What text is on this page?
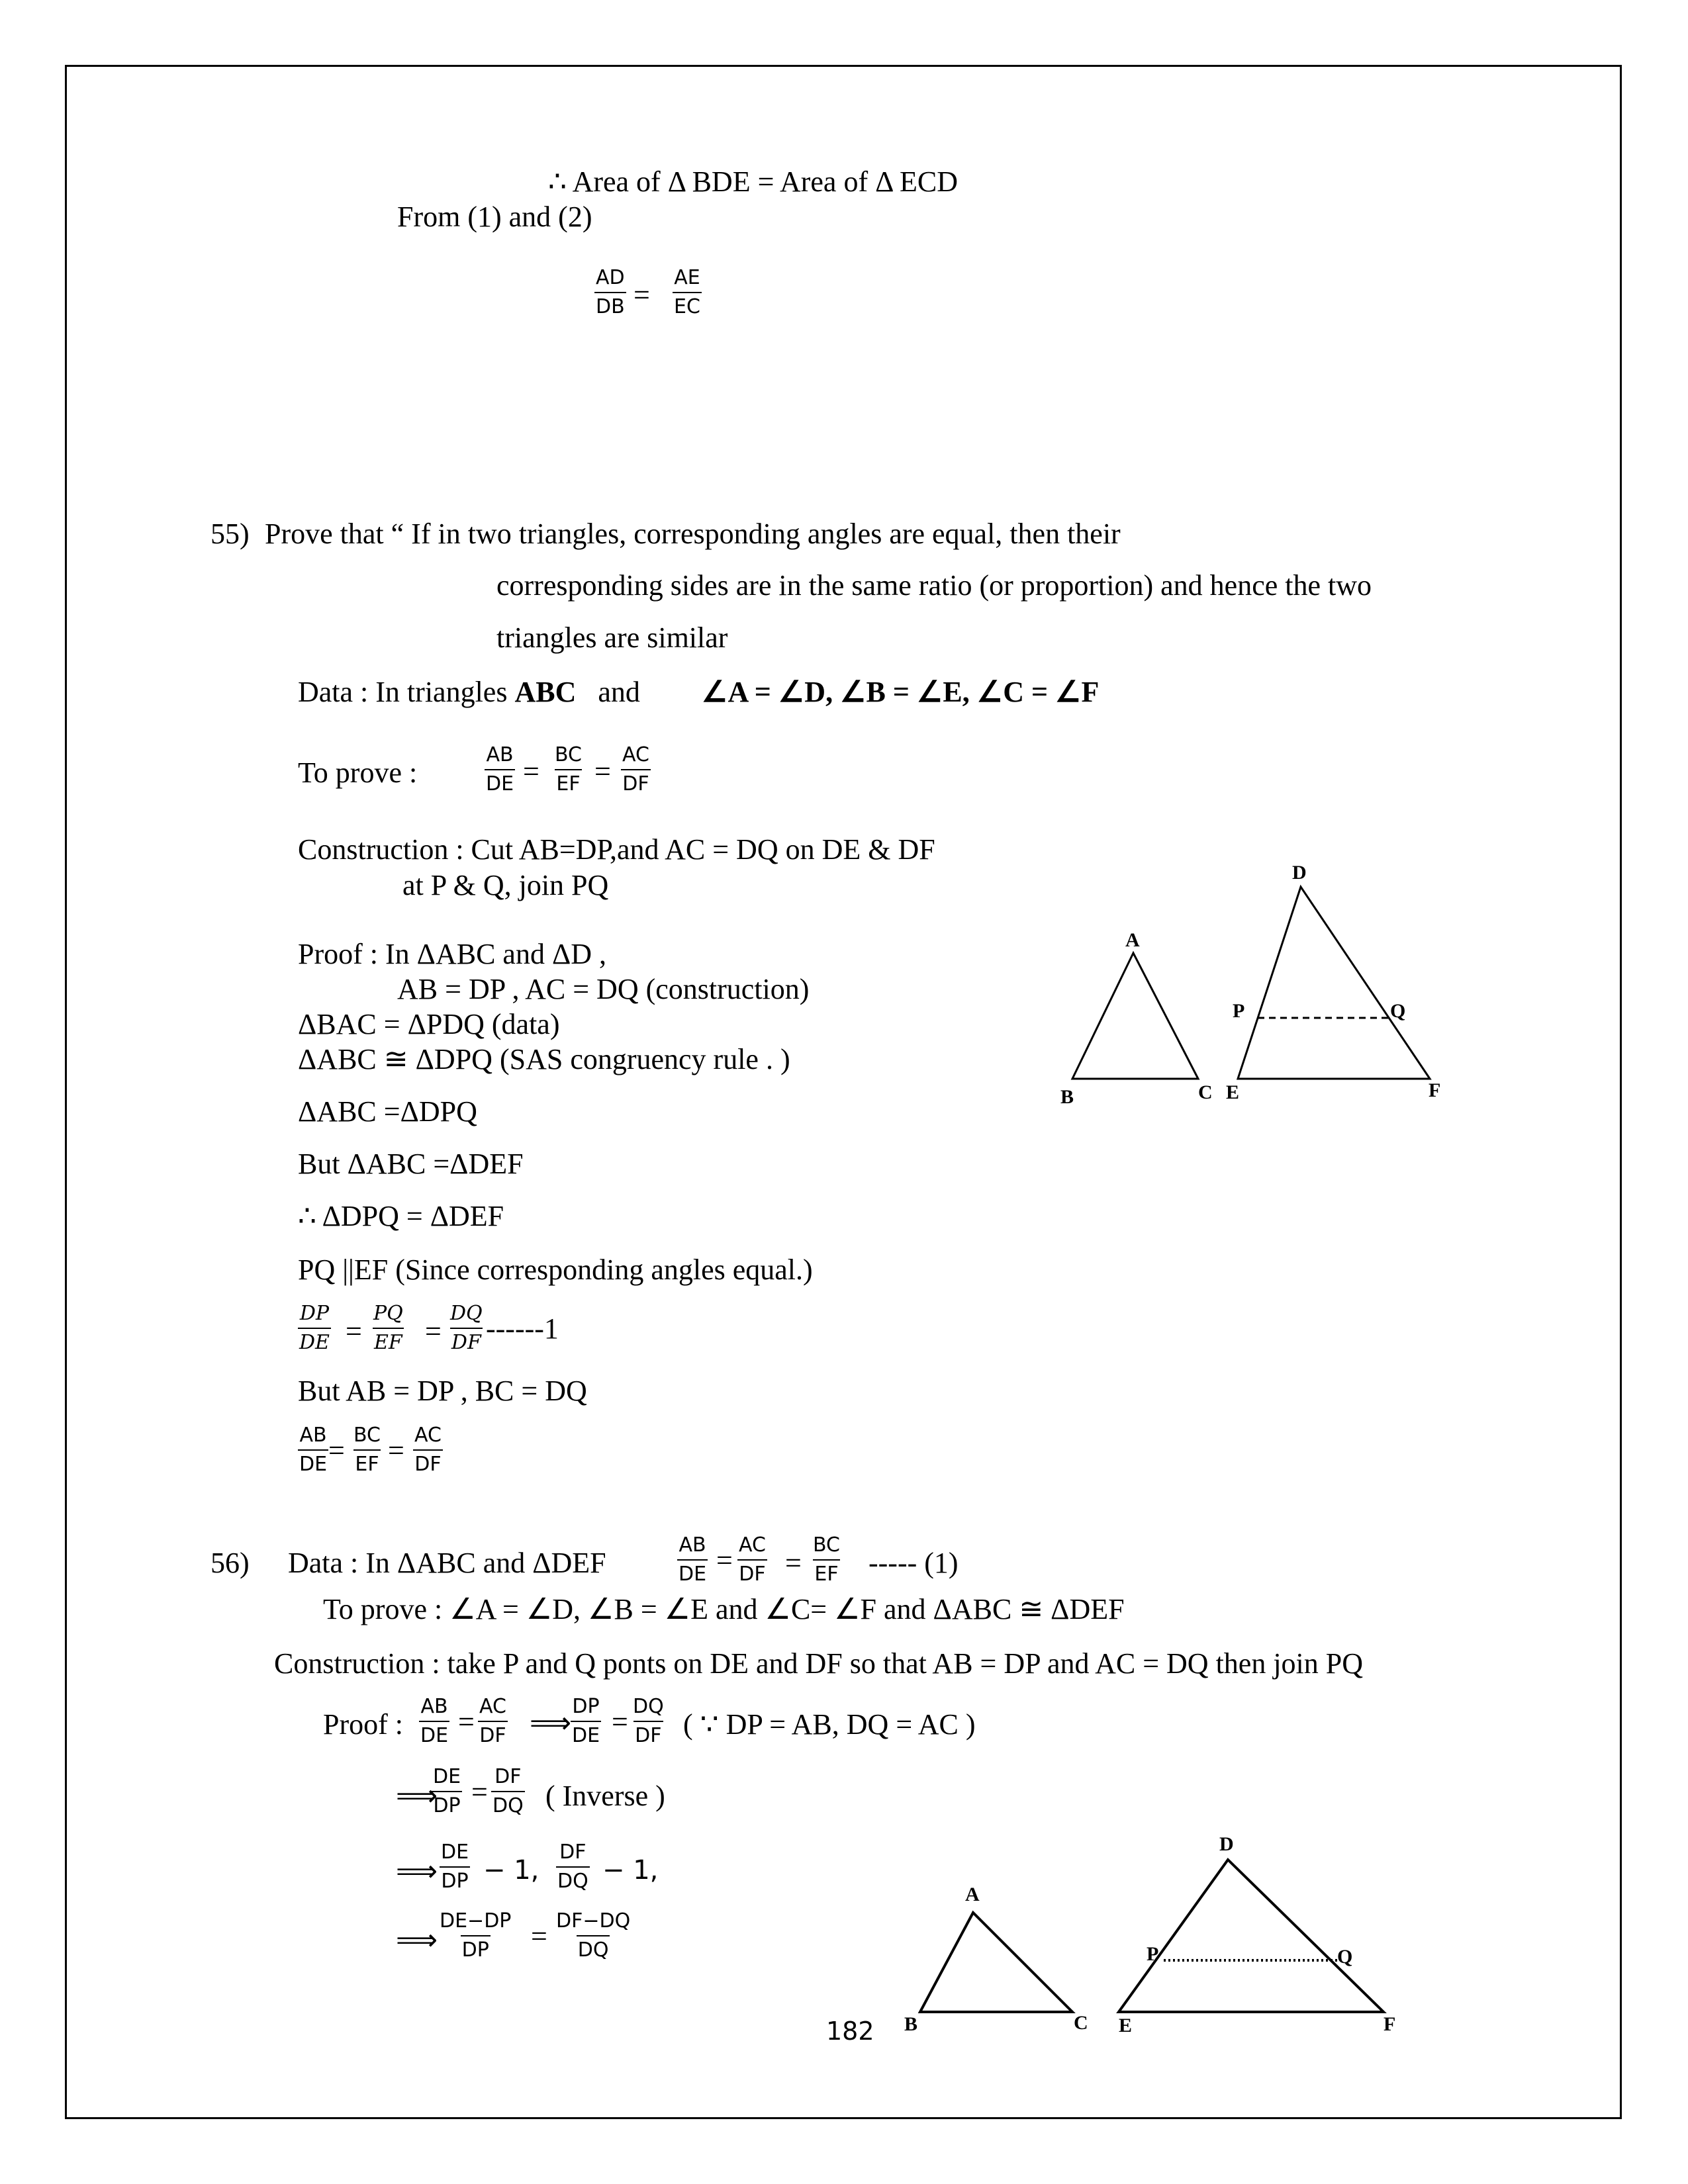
∴ Area of Δ BDE = Area of Δ ECD
From (1) and (2)
$\frac{AD}{DB} = \frac{AE}{EC}$
55) Prove that “ If in two triangles, corresponding angles are equal, then their
corresponding sides are in the same ratio (or proportion) and hence the two
triangles are similar
Data : In triangles ABC and ∠A = ∠D, ∠B = ∠E, ∠C = ∠F
To prove :	$\frac{AB}{DE} = \frac{BC}{EF} = \frac{AC}{DF}$
Construction : Cut AB=DP,and AC = DQ on DE & DF
at P & Q, join PQ
Proof : In ΔABC and ΔD ,
AB = DP , AC = DQ (construction)
ΔBAC = ΔPDQ (data)
ΔABC ≅ ΔDPQ (SAS congruency rule . )
ΔABC =ΔDPQ
But ΔABC =ΔDEF
∴ ΔDPQ = ΔDEF
PQ ||EF (Since corresponding angles equal.)
$\frac{DP}{DE} = \frac{PQ}{EF} = \frac{DQ}{DF} ------1$
But AB = DP , BC = DQ
$\frac{AB}{DE} = \frac{BC}{EF} = \frac{AC}{DF}$
A
B	C
D
E	F
P	Q
56) Data : In ΔABC and ΔDEF	$\frac{AB}{DE} = \frac{AC}{DF} = \frac{BC}{EF}$ ----- (1)
To prove : ∠A = ∠D, ∠B = ∠E and ∠C= ∠F and ΔABC ≅ ΔDEF
Construction : take P and Q ponts on DE and DF so that AB = DP and AC = DQ then join PQ
Proof : $\frac{AB}{DE} = \frac{AC}{DF}$ ⟹
$\frac{DP}{DE} = \frac{DQ}{DF}$ ( ∵ DP = AB, DQ = AC )
⟹
$\frac{DE}{DP} = \frac{DF}{DQ}$ ( Inverse )
⟹ $\frac{DE}{DP} - 1$, $\frac{DF}{DQ} - 1$,
⟹ $\frac{DE-DP}{DP} = \frac{DF-DQ}{DQ}$
A
B	C
D
E	F
P	Q
182
